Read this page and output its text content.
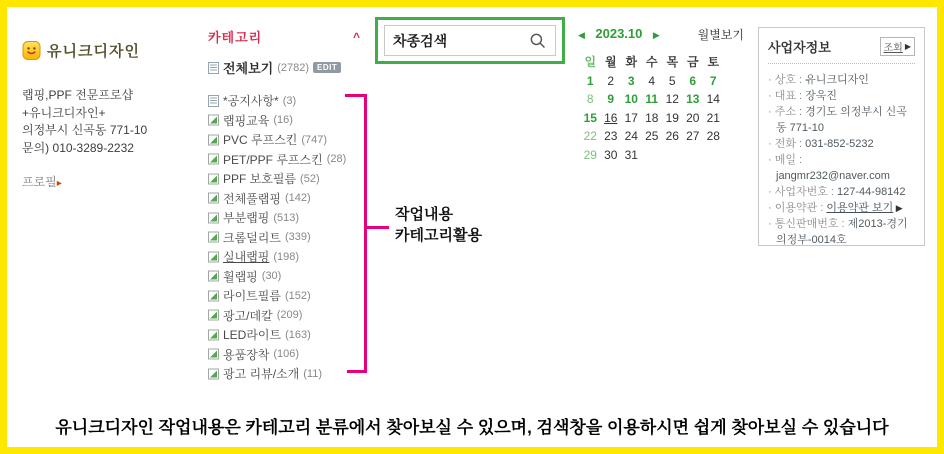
유니크디자인
랩핑,PPF 전문프로샵
+유니크디자인+
의정부시 신곡동 771-10
문의) 010-3289-2232
프로필▸
카테고리	^
전체보기 (2782)	EDIT
*공지사항* (3)
랩핑교육 (16)
PVC 루프스킨 (747)
PET/PPF 루프스킨 (28)
PPF 보호필름 (52)
전체풀랩핑 (142)
부분랩핑 (513)
크롬덜리트 (339)
실내랩핑 (198)
휠랩핑 (30)
라이트필름 (152)
광고/데칼 (209)
LED라이트 (163)
용품장착 (106)
광고 리뷰/소개 (11)
차종검색
◀ 2023.10 ▶	월별보기
일 월 화 수 목 금 토
1	2	3	4	5	6	7
8	9 10 11 12 13 14
15 16 17 18 19 20 21
22 23 24 25 26 27 28
29 30 31
사업자정보	조회 ▶
· 상호 : 유니크디자인
· 대표 : 장욱진
· 주소 : 경기도 의정부시 신곡동 771-10
· 전화 : 031-852-5232
· 메일 : jangmr232@naver.com
· 사업자번호 : 127-44-98142
· 이용약관 : 이용약관 보기 ▶
· 통신판매번호 : 제2013-경기의정부-0014호
작업내용
카테고리활용
유니크디자인 작업내용은 카테고리 분류에서 찾아보실 수 있으며, 검색창을 이용하시면 쉽게 찾아보실 수 있습니다
